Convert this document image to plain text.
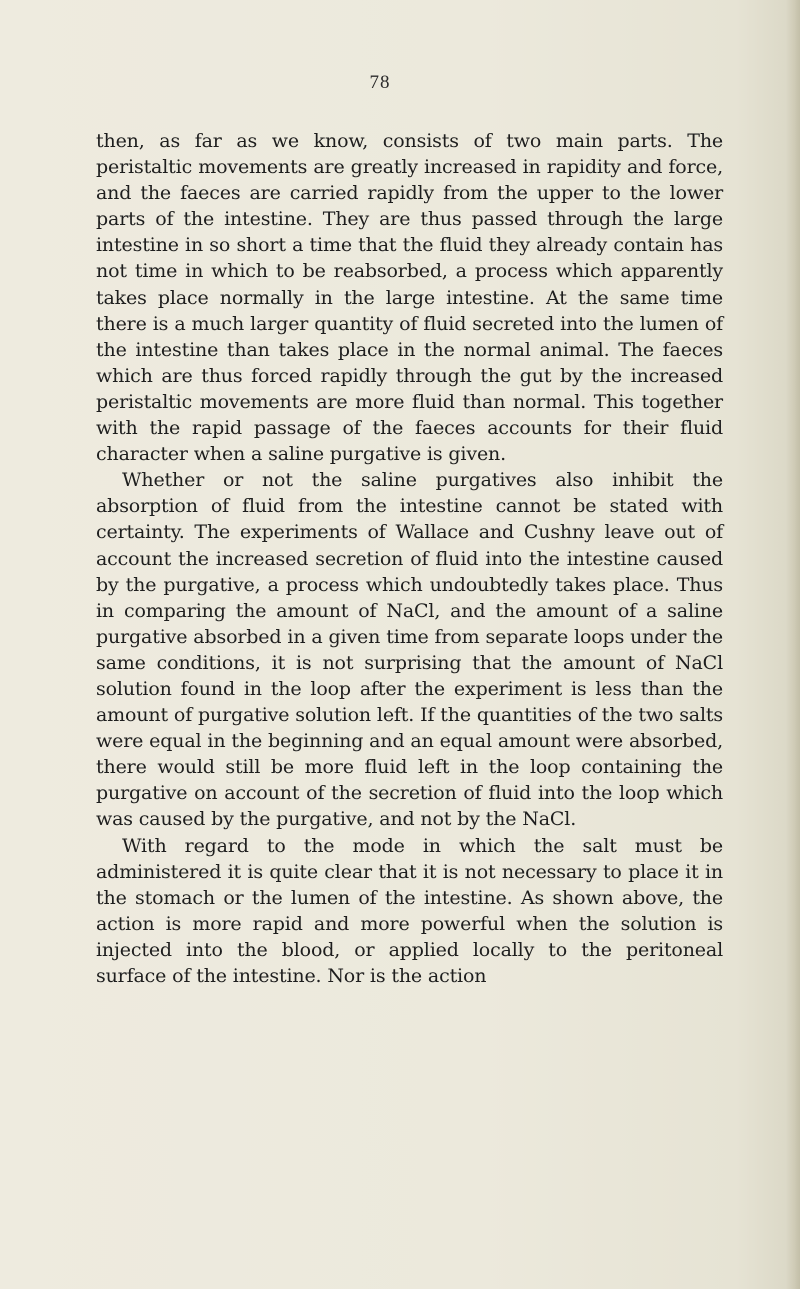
78

then, as far as we know, consists of two main parts. The peristaltic movements are greatly increased in rapidity and force, and the faeces are carried rapidly from the upper to the lower parts of the intestine. They are thus passed through the large intestine in so short a time that the fluid they already contain has not time in which to be reabsorbed, a process which apparently takes place normally in the large intestine. At the same time there is a much larger quantity of fluid secreted into the lumen of the intestine than takes place in the normal animal. The faeces which are thus forced rapidly through the gut by the increased peristaltic movements are more fluid than normal. This together with the rapid passage of the faeces accounts for their fluid character when a saline purgative is given.

Whether or not the saline purgatives also inhibit the absorption of fluid from the intestine cannot be stated with certainty. The experiments of Wallace and Cushny leave out of account the increased secretion of fluid into the intestine caused by the purgative, a process which undoubtedly takes place. Thus in comparing the amount of NaCl, and the amount of a saline purgative absorbed in a given time from separate loops under the same conditions, it is not surprising that the amount of NaCl solution found in the loop after the experiment is less than the amount of purgative solution left. If the quantities of the two salts were equal in the beginning and an equal amount were absorbed, there would still be more fluid left in the loop containing the purgative on account of the secretion of fluid into the loop which was caused by the purgative, and not by the NaCl.

With regard to the mode in which the salt must be administered it is quite clear that it is not necessary to place it in the stomach or the lumen of the intestine. As shown above, the action is more rapid and more powerful when the solution is injected into the blood, or applied locally to the peritoneal surface of the intestine. Nor is the action
